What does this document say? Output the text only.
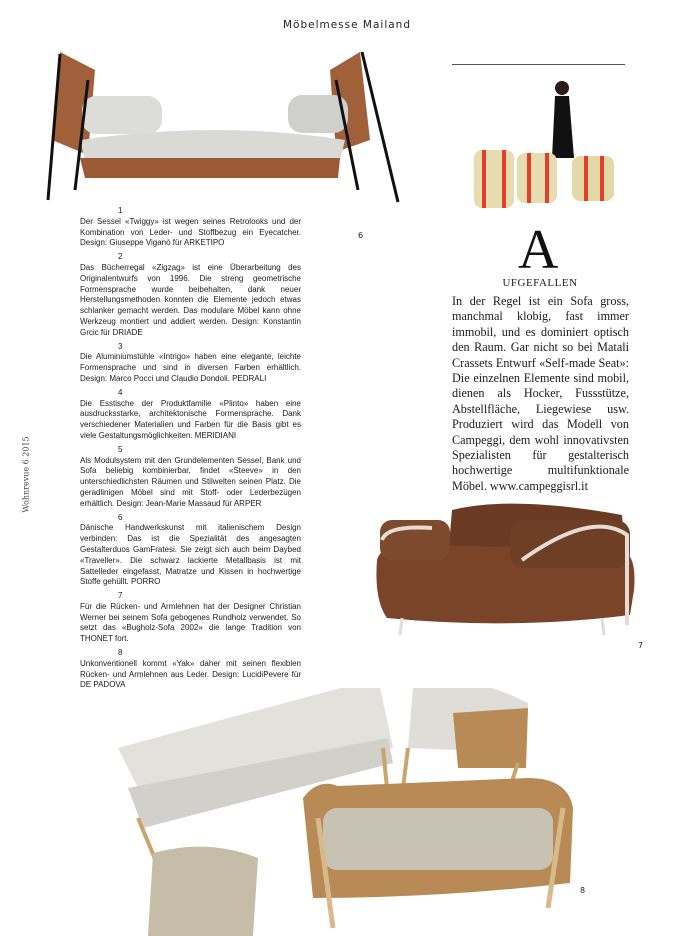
Möbelmesse Mailand
Wohnrevue 6 2015
6
1
Der Sessel «Twiggy» ist wegen seines Retrolooks und der Kombination von Leder- und Stoffbezug ein Eyecatcher. Design: Giuseppe Viganò für ARKETIPO
2
Das Bücherregal «Zigzag» ist eine Überarbeitung des Originalentwurfs von 1996. Die streng geometrische Formensprache wurde beibehalten, dank neuer Herstellungsmethoden konnten die Elemente jedoch etwas schlanker gemacht werden. Das modulare Möbel kann ohne Werkzeug montiert und addiert werden. Design: Konstantin Grcic für DRIADE
3
Die Aluminiumstühle «Intrigo» haben eine elegante, leichte Formensprache und sind in diversen Farben erhältlich. Design: Marco Pocci und Claudio Dondoli. PEDRALI
4
Die Esstische der Produktfamilie «Plinto» haben eine ausdrucksstarke, architektonische Formensprache. Dank verschiedener Materialien und Farben für die Basis gibt es viele Gestaltungsmöglichkeiten. MERIDIANI
5
Als Modulsystem mit den Grundelementen Sessel, Bank und Sofa beliebig kombinierbar, findet «Steeve» in den unterschiedlichsten Räumen und Stilwelten seinen Platz. Die geradlinigen Möbel sind mit Stoff- oder Lederbezügen erhältlich. Design: Jean-Marie Massaud für ARPER
6
Dänische Handwerkskunst mit italienischem Design verbinden: Das ist die Spezialität des angesagten Gestalterduos GamFratesi. Sie zeigt sich auch beim Daybed «Traveller». Die schwarz lackierte Metallbasis ist mit Sattelleder eingefasst, Matratze und Kissen in hochwertige Stoffe gehüllt. PORRO
7
Für die Rücken- und Armlehnen hat der Designer Christian Werner bei seinem Sofa gebogenes Rundholz verwendet. So setzt das «Bugholz-Sofa 2002» die lange Tradition von THONET fort.
8
Unkonventionell kommt «Yak» daher mit seinen flexiblen Rücken- und Armlehnen aus Leder. Design: LucidiPevere für DE PADOVA
A
UFGEFALLEN
In der Regel ist ein Sofa gross, manchmal klobig, fast immer immobil, und es dominiert optisch den Raum. Gar nicht so bei Matali Crassets Entwurf «Self-made Seat»: Die einzelnen Elemente sind mobil, dienen als Hocker, Fussstütze, Abstellfläche, Liegewiese usw. Produziert wird das Modell von Campeggi, dem wohl innovativsten Spezialisten für gestalterisch hochwertige multifunktionale Möbel. www.campeggisrl.it
7
8
